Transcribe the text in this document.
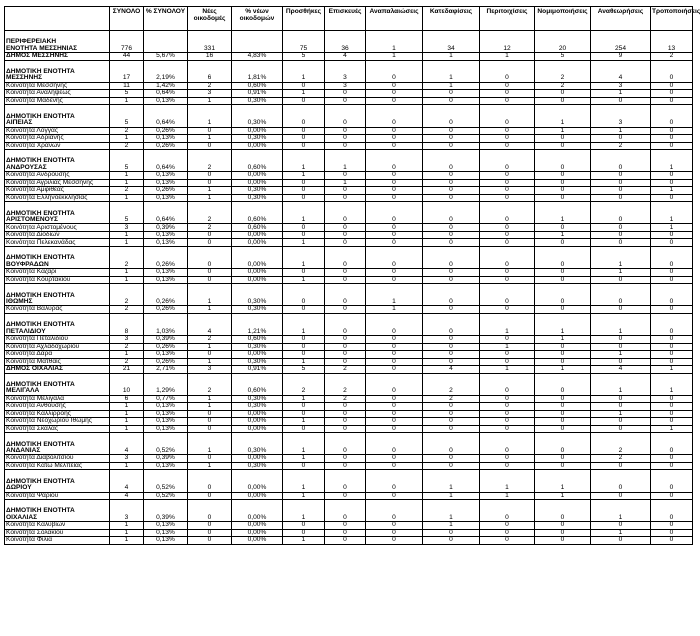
	ΣΥΝΟΛΟ	% ΣΥΝΟΛΟΥ	Νέες οικοδομές	% νέων οικοδομών	Προσθήκες	Επισκευές	Αναπαλαιώσεις	Κατεδαφίσεις	Περιτοιχίσεις	Νομιμοποιήσεις	Αναθεωρήσεις	Τροποποιήσεις

ΠΕΡΙΦΕΡΕΙΑΚΗ
ΕΝΟΤΗΤΑ ΜΕΣΣΗΝΙΑΣ	776		331		75	36	1	34	12	20	254	13

ΔΗΜΟΣ ΜΕΣΣΗΝΗΣ	44	5,67%	16	4,83%	5	4	1	1	1	5	9	2

ΔΗΜΟΤΙΚΗ ΕΝΟΤΗΤΑ
ΜΕΣΣΗΝΗΣ	17	2,19%	6	1,81%	1	3	0	1	0	2	4	0

Κοινότητα Μεσσήνης	11	1,42%	2	0,60%	0	3	0	1	0	2	3	0

Κοινότητα Αναλήψεως	5	0,64%	3	0,91%	1	0	0	0	0	0	1	0

Κοινότητα Μαδένης	1	0,13%	1	0,30%	0	0	0	0	0	0	0	0

ΔΗΜΟΤΙΚΗ ΕΝΟΤΗΤΑ
ΑΙΠΕΙΑΣ	5	0,64%	1	0,30%	0	0	0	0	0	1	3	0

Κοινότητα Λογγάς	2	0,26%	0	0,00%	0	0	0	0	0	1	1	0

Κοινότητα Αδριανής	1	0,13%	1	0,30%	0	0	0	0	0	0	0	0

Κοινότητα Χράνων	2	0,26%	0	0,00%	0	0	0	0	0	0	2	0

ΔΗΜΟΤΙΚΗ ΕΝΟΤΗΤΑ
ΑΝΔΡΟΥΣΑΣ	5	0,64%	2	0,60%	1	1	0	0	0	0	0	1

Κοινότητα Ανδρούσης	1	0,13%	0	0,00%	1	0	0	0	0	0	0	0

Κοινότητα Αγριλιάς Μεσσήνης	1	0,13%	0	0,00%	0	1	0	0	0	0	0	0

Κοινότητα Αμφιθέας	2	0,26%	1	0,30%	0	0	0	0	0	0	0	1

Κοινότητα Ελληνοεκκλησίας	1	0,13%	1	0,30%	0	0	0	0	0	0	0	0

ΔΗΜΟΤΙΚΗ ΕΝΟΤΗΤΑ
ΑΡΙΣΤΟΜΕΝΟΥΣ	5	0,64%	2	0,60%	1	0	0	0	0	1	0	1

Κοινότητα Αριστομένους	3	0,39%	2	0,60%	0	0	0	0	0	0	0	1

Κοινότητα Διοδίων	1	0,13%	0	0,00%	0	0	0	0	0	1	0	0

Κοινότητα Πελεκανάδας	1	0,13%	0	0,00%	1	0	0	0	0	0	0	0

ΔΗΜΟΤΙΚΗ ΕΝΟΤΗΤΑ
ΒΟΥΦΡΑΔΩΝ	2	0,26%	0	0,00%	1	0	0	0	0	0	1	0

Κοινότητα Καζάρι	1	0,13%	0	0,00%	0	0	0	0	0	0	1	0

Κοινότητα Κουρτακίου	1	0,13%	0	0,00%	1	0	0	0	0	0	0	0

ΔΗΜΟΤΙΚΗ ΕΝΟΤΗΤΑ
ΙΘΩΜΗΣ	2	0,26%	1	0,30%	0	0	1	0	0	0	0	0

Κοινότητα Βαλύρας	2	0,26%	1	0,30%	0	0	1	0	0	0	0	0

ΔΗΜΟΤΙΚΗ ΕΝΟΤΗΤΑ
ΠΕΤΑΛΙΔΙΟΥ	8	1,03%	4	1,21%	1	0	0	0	1	1	1	0

Κοινότητα Πεταλιδίου	3	0,39%	2	0,60%	0	0	0	0	0	1	0	0

Κοινότητα Αχλαδοχωρίου	2	0,26%	1	0,30%	0	0	0	0	1	0	0	0

Κοινότητα Δάρα	1	0,13%	0	0,00%	0	0	0	0	0	0	1	0

Κοινότητα Ματθαίς	2	0,26%	1	0,30%	1	0	0	0	0	0	0	0

ΔΗΜΟΣ ΟΙΧΑΛΙΑΣ	21	2,71%	3	0,91%	5	2	0	4	1	1	4	1

ΔΗΜΟΤΙΚΗ ΕΝΟΤΗΤΑ
ΜΕΛΙΓΑΛΑ	10	1,29%	2	0,60%	2	2	0	2	0	0	1	1

Κοινότητα Μελιγαλά	6	0,77%	1	0,30%	1	2	0	2	0	0	0	0

Κοινότητα Ανθούσης	1	0,13%	1	0,30%	0	0	0	0	0	0	0	0

Κοινότητα Καλλιρρόης	1	0,13%	0	0,00%	0	0	0	0	0	0	1	0

Κοινότητα Νεοχωρίου Ιθώμης	1	0,13%	0	0,00%	1	0	0	0	0	0	0	0

Κοινότητα Σκάλας	1	0,13%	0	0,00%	0	0	0	0	0	0	0	1

ΔΗΜΟΤΙΚΗ ΕΝΟΤΗΤΑ
ΑΝΔΑΝΙΑΣ	4	0,52%	1	0,30%	1	0	0	0	0	0	2	0

Κοινότητα Διαβολιτσίου	3	0,39%	0	0,00%	1	0	0	0	0	0	2	0

Κοινότητα Κάτω Μελπείας	1	0,13%	1	0,30%	0	0	0	0	0	0	0	0

ΔΗΜΟΤΙΚΗ ΕΝΟΤΗΤΑ
ΔΩΡΙΟΥ	4	0,52%	0	0,00%	1	0	0	1	1	1	0	0

Κοινότητα Ψαρίου	4	0,52%	0	0,00%	1	0	0	1	1	1	0	0

ΔΗΜΟΤΙΚΗ ΕΝΟΤΗΤΑ
ΟΙΧΑΛΙΑΣ	3	0,39%	0	0,00%	1	0	0	1	0	0	1	0

Κοινότητα Καλυβίων	1	0,13%	0	0,00%	0	0	0	1	0	0	0	0

Κοινότητα Σολακίου	1	0,13%	0	0,00%	0	0	0	0	0	0	1	0

Κοινότητα Φιλιά	1	0,13%	0	0,00%	1	0	0	0	0	0	0	0
